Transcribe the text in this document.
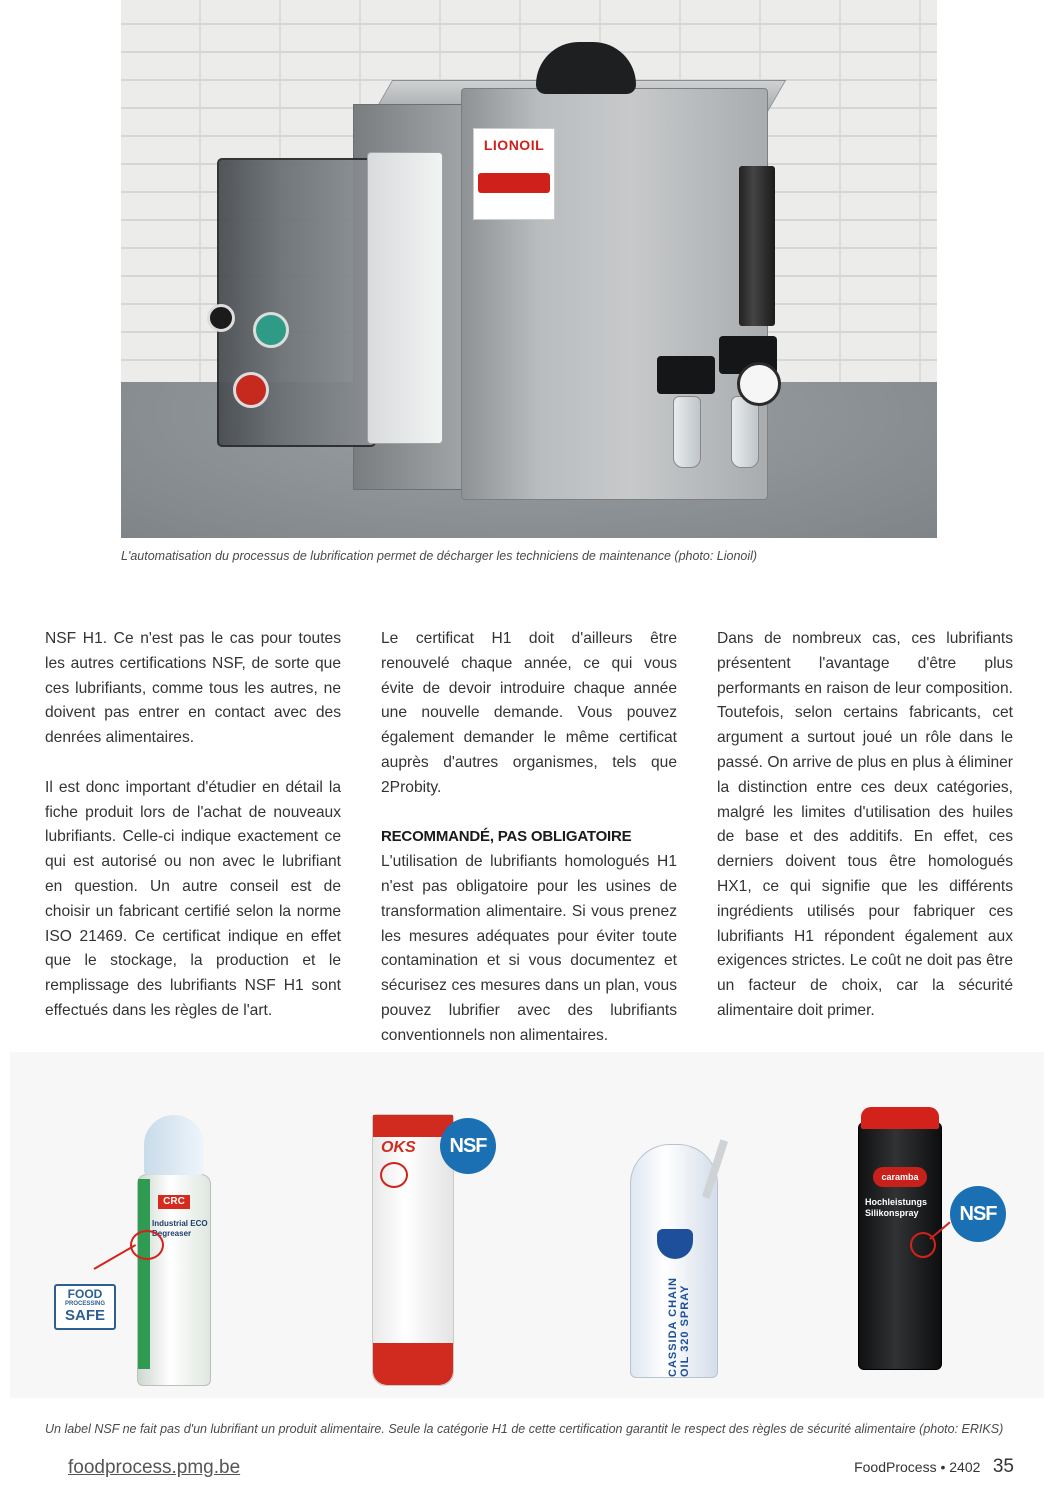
LIONOIL
L'automatisation du processus de lubrification permet de décharger les techniciens de maintenance (photo: Lionoil)

NSF H1. Ce n'est pas le cas pour toutes les autres certifications NSF, de sorte que ces lubrifiants, comme tous les autres, ne doivent pas entrer en contact avec des denrées alimentaires.

Il est donc important d'étudier en détail la fiche produit lors de l'achat de nouveaux lubrifiants. Celle-ci indique exactement ce qui est autorisé ou non avec le lubrifiant en question. Un autre conseil est de choisir un fabricant certifié selon la norme ISO 21469. Ce certificat indique en effet que le stockage, la production et le remplissage des lubrifiants NSF H1 sont effectués dans les règles de l'art.

Le certificat H1 doit d'ailleurs être renouvelé chaque année, ce qui vous évite de devoir introduire chaque année une nouvelle demande. Vous pouvez également demander le même certificat auprès d'autres organismes, tels que 2Probity.

RECOMMANDÉ, PAS OBLIGATOIRE

L'utilisation de lubrifiants homologués H1 n'est pas obligatoire pour les usines de transformation alimentaire. Si vous prenez les mesures adéquates pour éviter toute contamination et si vous documentez et sécurisez ces mesures dans un plan, vous pouvez lubrifier avec des lubrifiants conventionnels non alimentaires.

Dans de nombreux cas, ces lubrifiants présentent l'avantage d'être plus performants en raison de leur composition. Toutefois, selon certains fabricants, cet argument a surtout joué un rôle dans le passé. On arrive de plus en plus à éliminer la distinction entre ces deux catégories, malgré les limites d'utilisation des huiles de base et des additifs. En effet, ces derniers doivent tous être homologués HX1, ce qui signifie que les différents ingrédients utilisés pour fabriquer ces lubrifiants H1 répondent également aux exigences strictes. Le coût ne doit pas être un facteur de choix, car la sécurité alimentaire doit primer.

CRC
Industrial ECO Degreaser
FOOD
PROCESSING
SAFE
OKS	NSF
CASSIDA CHAIN OIL 320 SPRAY
caramba
Hochleistungs Silikonspray	NSF
Un label NSF ne fait pas d'un lubrifiant un produit alimentaire. Seule la catégorie H1 de cette certification garantit le respect des règles de sécurité alimentaire (photo: ERIKS)
foodprocess.pmg.be	FoodProcess • 2402 35
